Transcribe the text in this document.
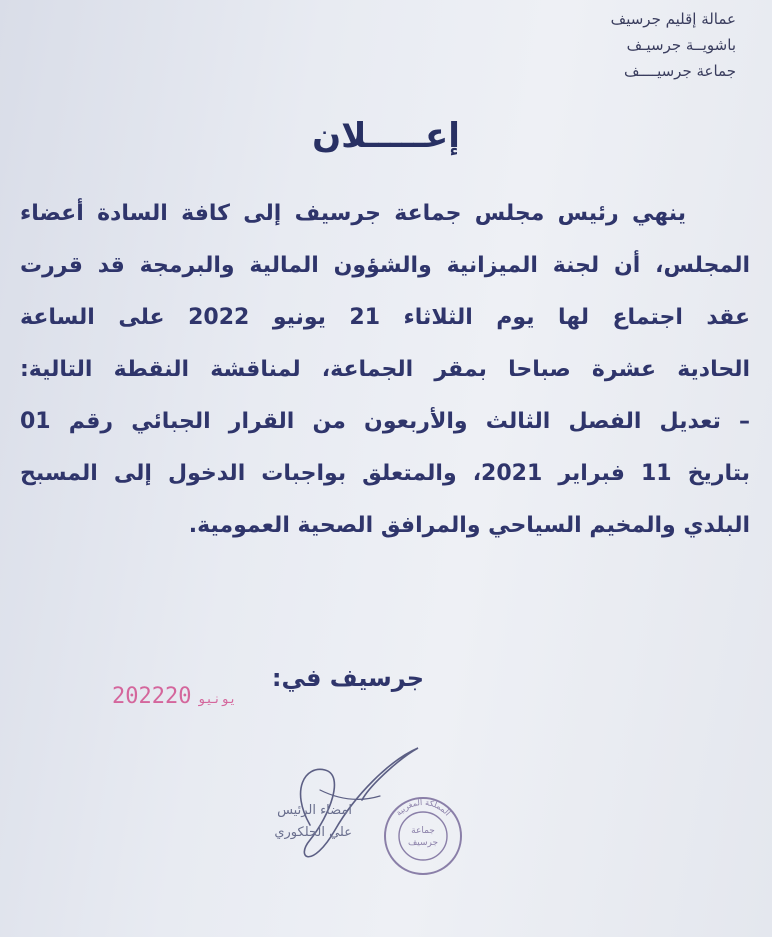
عمالة إقليم جرسيف
باشويــة جرسيـف
جماعة جرسيــــف
إعـــــلان
ينهي رئيس مجلس جماعة جرسيف إلى كافة السادة أعضاء
المجلس، أن لجنة الميزانية والشؤون المالية والبرمجة قد قررت
عقد اجتماع لها يوم الثلاثاء 21 يونيو 2022 على الساعة
الحادية عشرة صباحا بمقر الجماعة، لمناقشة النقطة التالية:
– تعديل الفصل الثالث والأربعون من القرار الجبائي رقم 01
بتاريخ 11 فبراير 2021، والمتعلق بواجبات الدخول إلى المسبح
البلدي والمخيم السياحي والمرافق الصحية العمومية.
جرسيف في:
2022	يونيو20
امضاء الرئيس
علي الحلكوري
المملكة المغربية
جماعة
جرسيف
